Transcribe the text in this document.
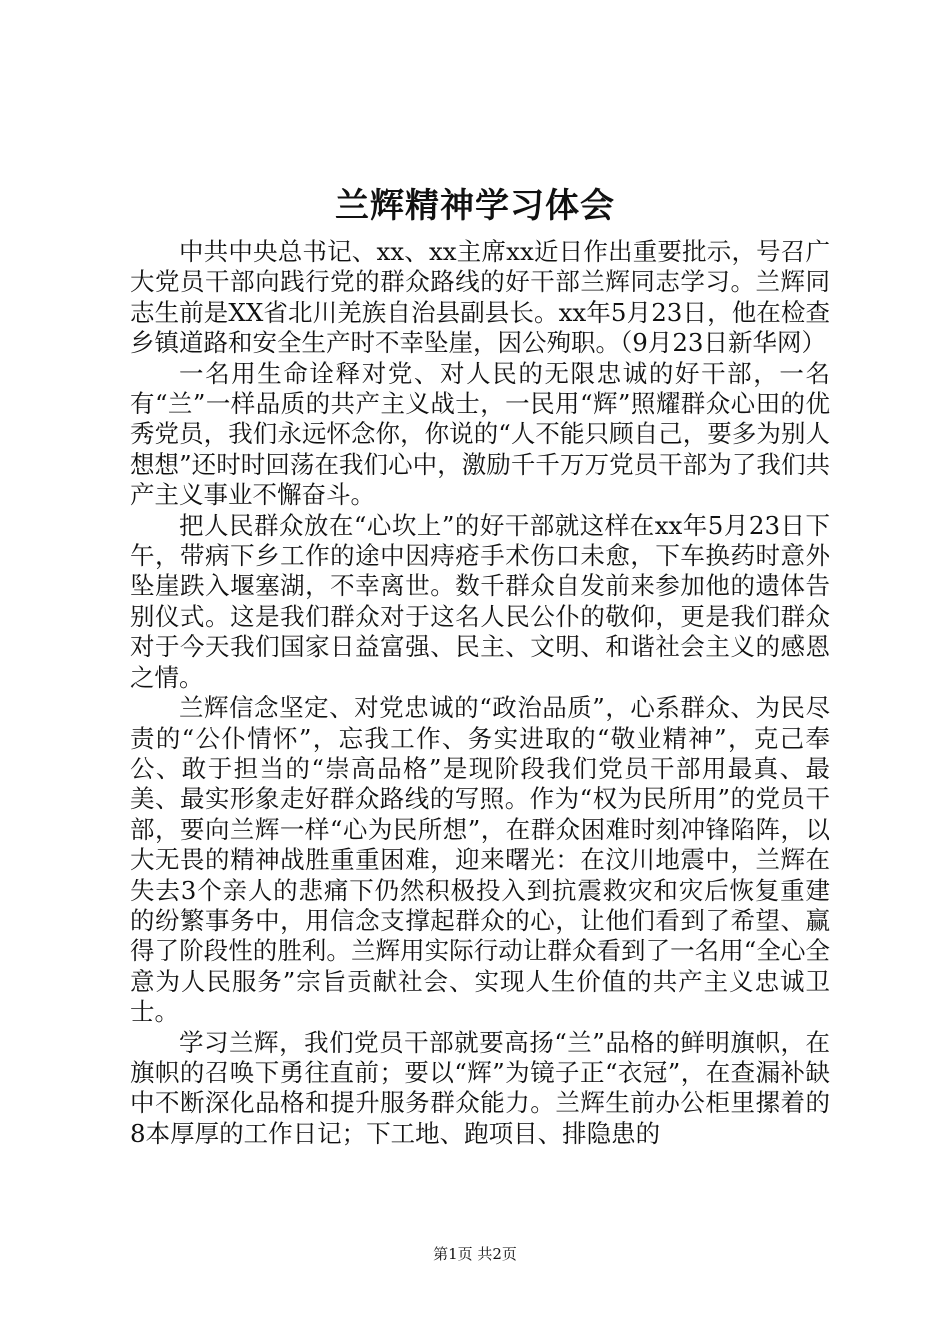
兰辉精神学习体会

中共中央总书记、xx、xx主席xx近日作出重要批示，号召广大党员干部向践行党的群众路线的好干部兰辉同志学习。兰辉同志生前是XX省北川羌族自治县副县长。xx年5月23日，他在检查乡镇道路和安全生产时不幸坠崖，因公殉职。（9月23日新华网）

一名用生命诠释对党、对人民的无限忠诚的好干部，一名有“兰”一样品质的共产主义战士，一民用“辉”照耀群众心田的优秀党员，我们永远怀念你，你说的“人不能只顾自己，要多为别人想想”还时时回荡在我们心中，激励千千万万党员干部为了我们共产主义事业不懈奋斗。

把人民群众放在“心坎上”的好干部就这样在xx年5月23日下午，带病下乡工作的途中因痔疮手术伤口未愈，下车换药时意外坠崖跌入堰塞湖，不幸离世。数千群众自发前来参加他的遗体告别仪式。这是我们群众对于这名人民公仆的敬仰，更是我们群众对于今天我们国家日益富强、民主、文明、和谐社会主义的感恩之情。

兰辉信念坚定、对党忠诚的“政治品质”，心系群众、为民尽责的“公仆情怀”，忘我工作、务实进取的“敬业精神”，克己奉公、敢于担当的“崇高品格”是现阶段我们党员干部用最真、最美、最实形象走好群众路线的写照。作为“权为民所用”的党员干部，要向兰辉一样“心为民所想”，在群众困难时刻冲锋陷阵，以大无畏的精神战胜重重困难，迎来曙光：在汶川地震中，兰辉在失去3个亲人的悲痛下仍然积极投入到抗震救灾和灾后恢复重建的纷繁事务中，用信念支撑起群众的心，让他们看到了希望、赢得了阶段性的胜利。兰辉用实际行动让群众看到了一名用“全心全意为人民服务”宗旨贡献社会、实现人生价值的共产主义忠诚卫士。

学习兰辉，我们党员干部就要高扬“兰”品格的鲜明旗帜，在旗帜的召唤下勇往直前；要以“辉”为镜子正“衣冠”，在查漏补缺中不断深化品格和提升服务群众能力。兰辉生前办公柜里摞着的8本厚厚的工作日记；下工地、跑项目、排隐患的

第1页 共2页
